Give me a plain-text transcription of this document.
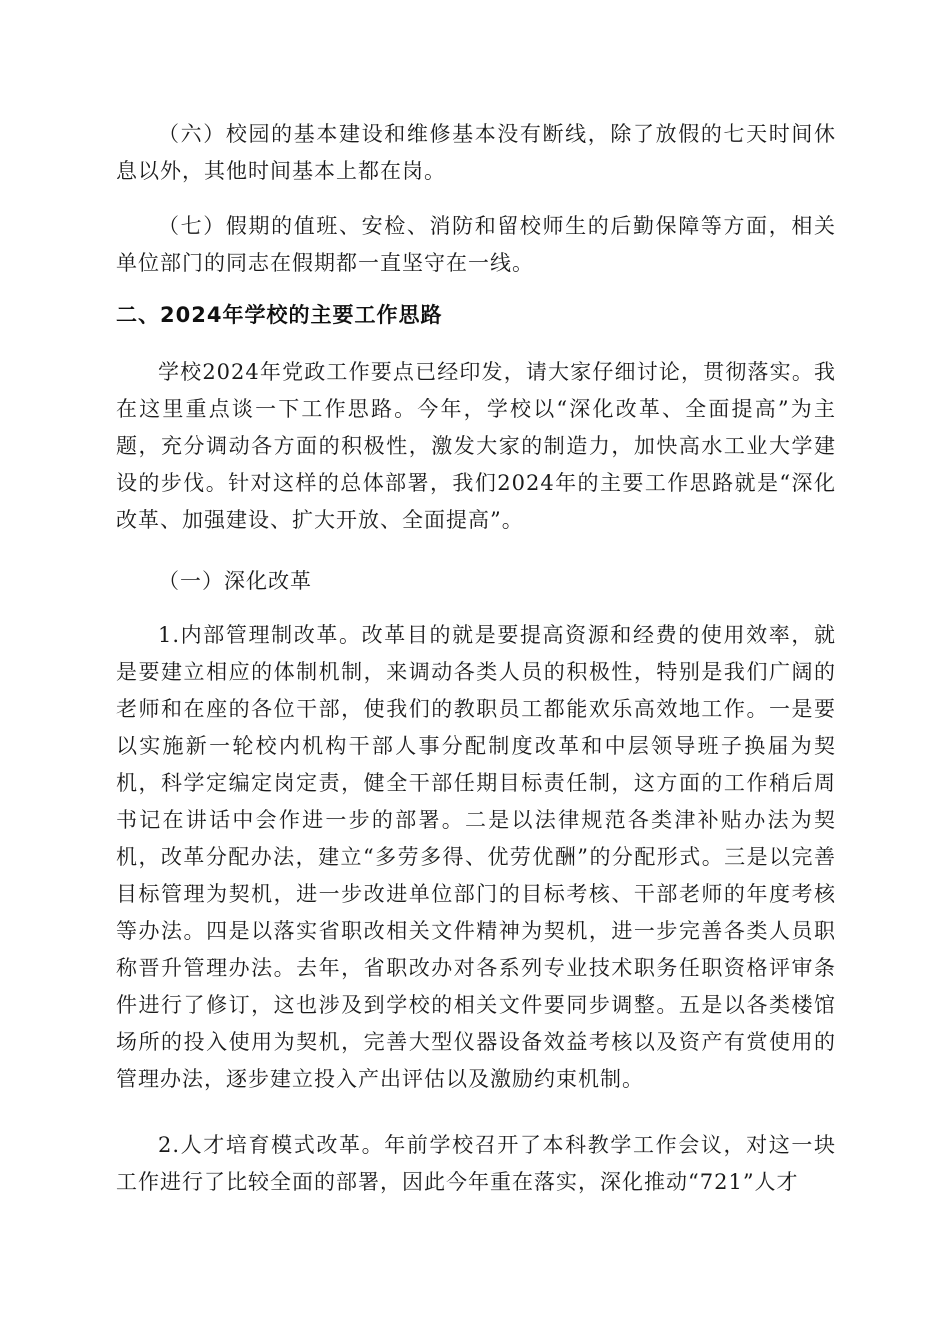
（六）校园的基本建设和维修基本没有断线，除了放假的七天时间休息以外，其他时间基本上都在岗。

（七）假期的值班、安检、消防和留校师生的后勤保障等方面，相关单位部门的同志在假期都一直坚守在一线。

二、2024年学校的主要工作思路

学校2024年党政工作要点已经印发，请大家仔细讨论，贯彻落实。我在这里重点谈一下工作思路。今年，学校以“深化改革、全面提高”为主题，充分调动各方面的积极性，激发大家的制造力，加快高水工业大学建设的步伐。针对这样的总体部署，我们2024年的主要工作思路就是“深化改革、加强建设、扩大开放、全面提高”。

（一）深化改革

1.内部管理制改革。改革目的就是要提高资源和经费的使用效率，就是要建立相应的体制机制，来调动各类人员的积极性，特别是我们广阔的老师和在座的各位干部，使我们的教职员工都能欢乐高效地工作。一是要以实施新一轮校内机构干部人事分配制度改革和中层领导班子换届为契机，科学定编定岗定责，健全干部任期目标责任制，这方面的工作稍后周书记在讲话中会作进一步的部署。二是以法律规范各类津补贴办法为契机，改革分配办法，建立“多劳多得、优劳优酬”的分配形式。三是以完善目标管理为契机，进一步改进单位部门的目标考核、干部老师的年度考核等办法。四是以落实省职改相关文件精神为契机，进一步完善各类人员职称晋升管理办法。去年，省职改办对各系列专业技术职务任职资格评审条件进行了修订，这也涉及到学校的相关文件要同步调整。五是以各类楼馆场所的投入使用为契机，完善大型仪器设备效益考核以及资产有赏使用的管理办法，逐步建立投入产出评估以及激励约束机制。

2.人才培育模式改革。年前学校召开了本科教学工作会议，对这一块工作进行了比较全面的部署，因此今年重在落实，深化推动“721”人才
